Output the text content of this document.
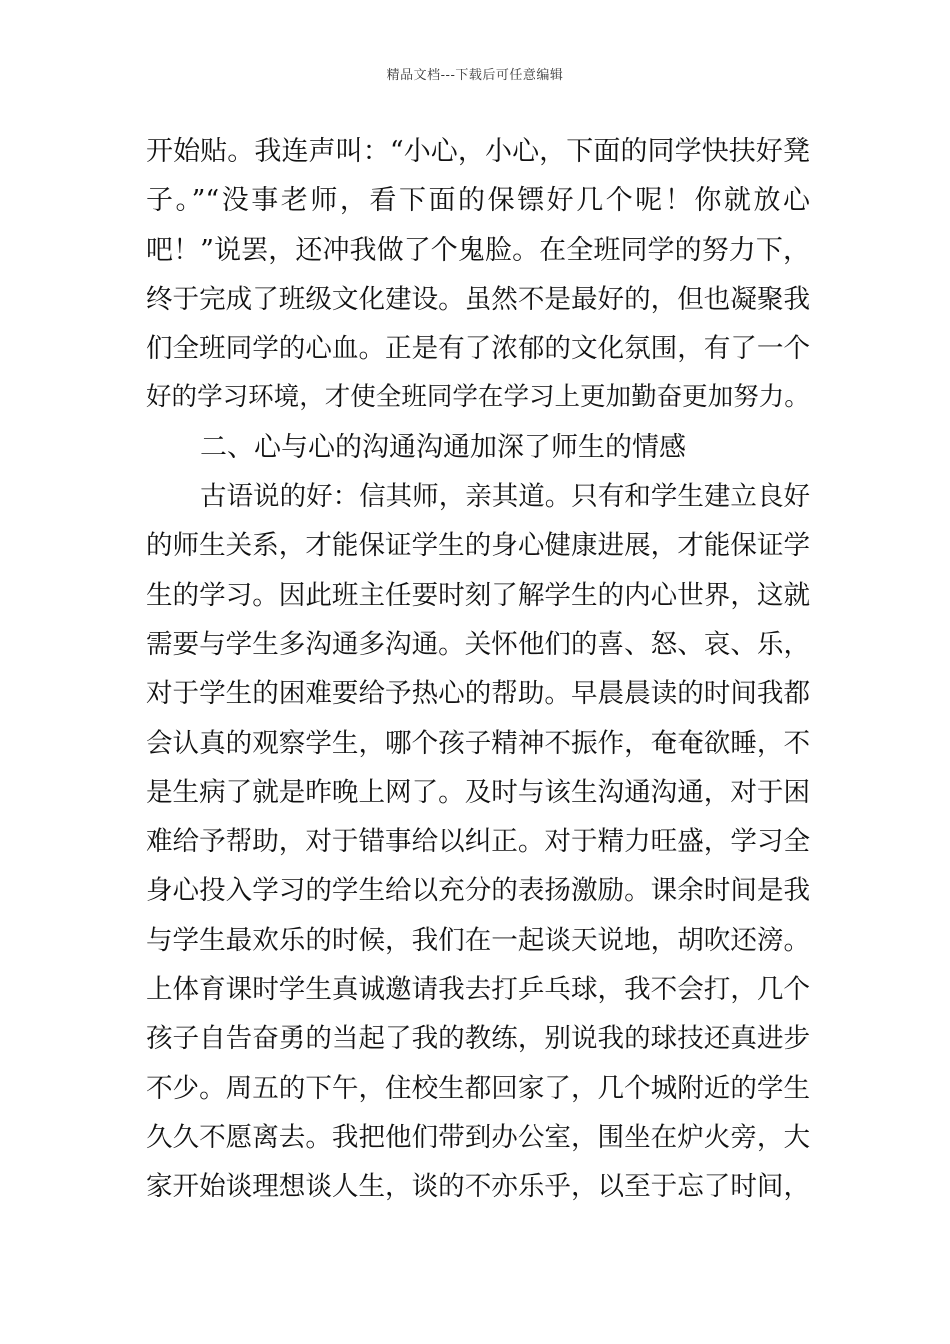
精品文档---下载后可任意编辑
开始贴。我连声叫：“小心，小心，下面的同学快扶好凳
子。”“没事老师，看下面的保镖好几个呢！你就放心
吧！”说罢，还冲我做了个鬼脸。在全班同学的努力下，
终于完成了班级文化建设。虽然不是最好的，但也凝聚我
们全班同学的心血。正是有了浓郁的文化氛围，有了一个
好的学习环境，才使全班同学在学习上更加勤奋更加努力。
二、心与心的沟通沟通加深了师生的情感
古语说的好：信其师，亲其道。只有和学生建立良好
的师生关系，才能保证学生的身心健康进展，才能保证学
生的学习。因此班主任要时刻了解学生的内心世界，这就
需要与学生多沟通多沟通。关怀他们的喜、怒、哀、乐，
对于学生的困难要给予热心的帮助。早晨晨读的时间我都
会认真的观察学生，哪个孩子精神不振作，奄奄欲睡，不
是生病了就是昨晚上网了。及时与该生沟通沟通，对于困
难给予帮助，对于错事给以纠正。对于精力旺盛，学习全
身心投入学习的学生给以充分的表扬激励。课余时间是我
与学生最欢乐的时候，我们在一起谈天说地，胡吹还滂。
上体育课时学生真诚邀请我去打乒乓球，我不会打，几个
孩子自告奋勇的当起了我的教练，别说我的球技还真进步
不少。周五的下午，住校生都回家了，几个城附近的学生
久久不愿离去。我把他们带到办公室，围坐在炉火旁，大
家开始谈理想谈人生，谈的不亦乐乎，以至于忘了时间，
